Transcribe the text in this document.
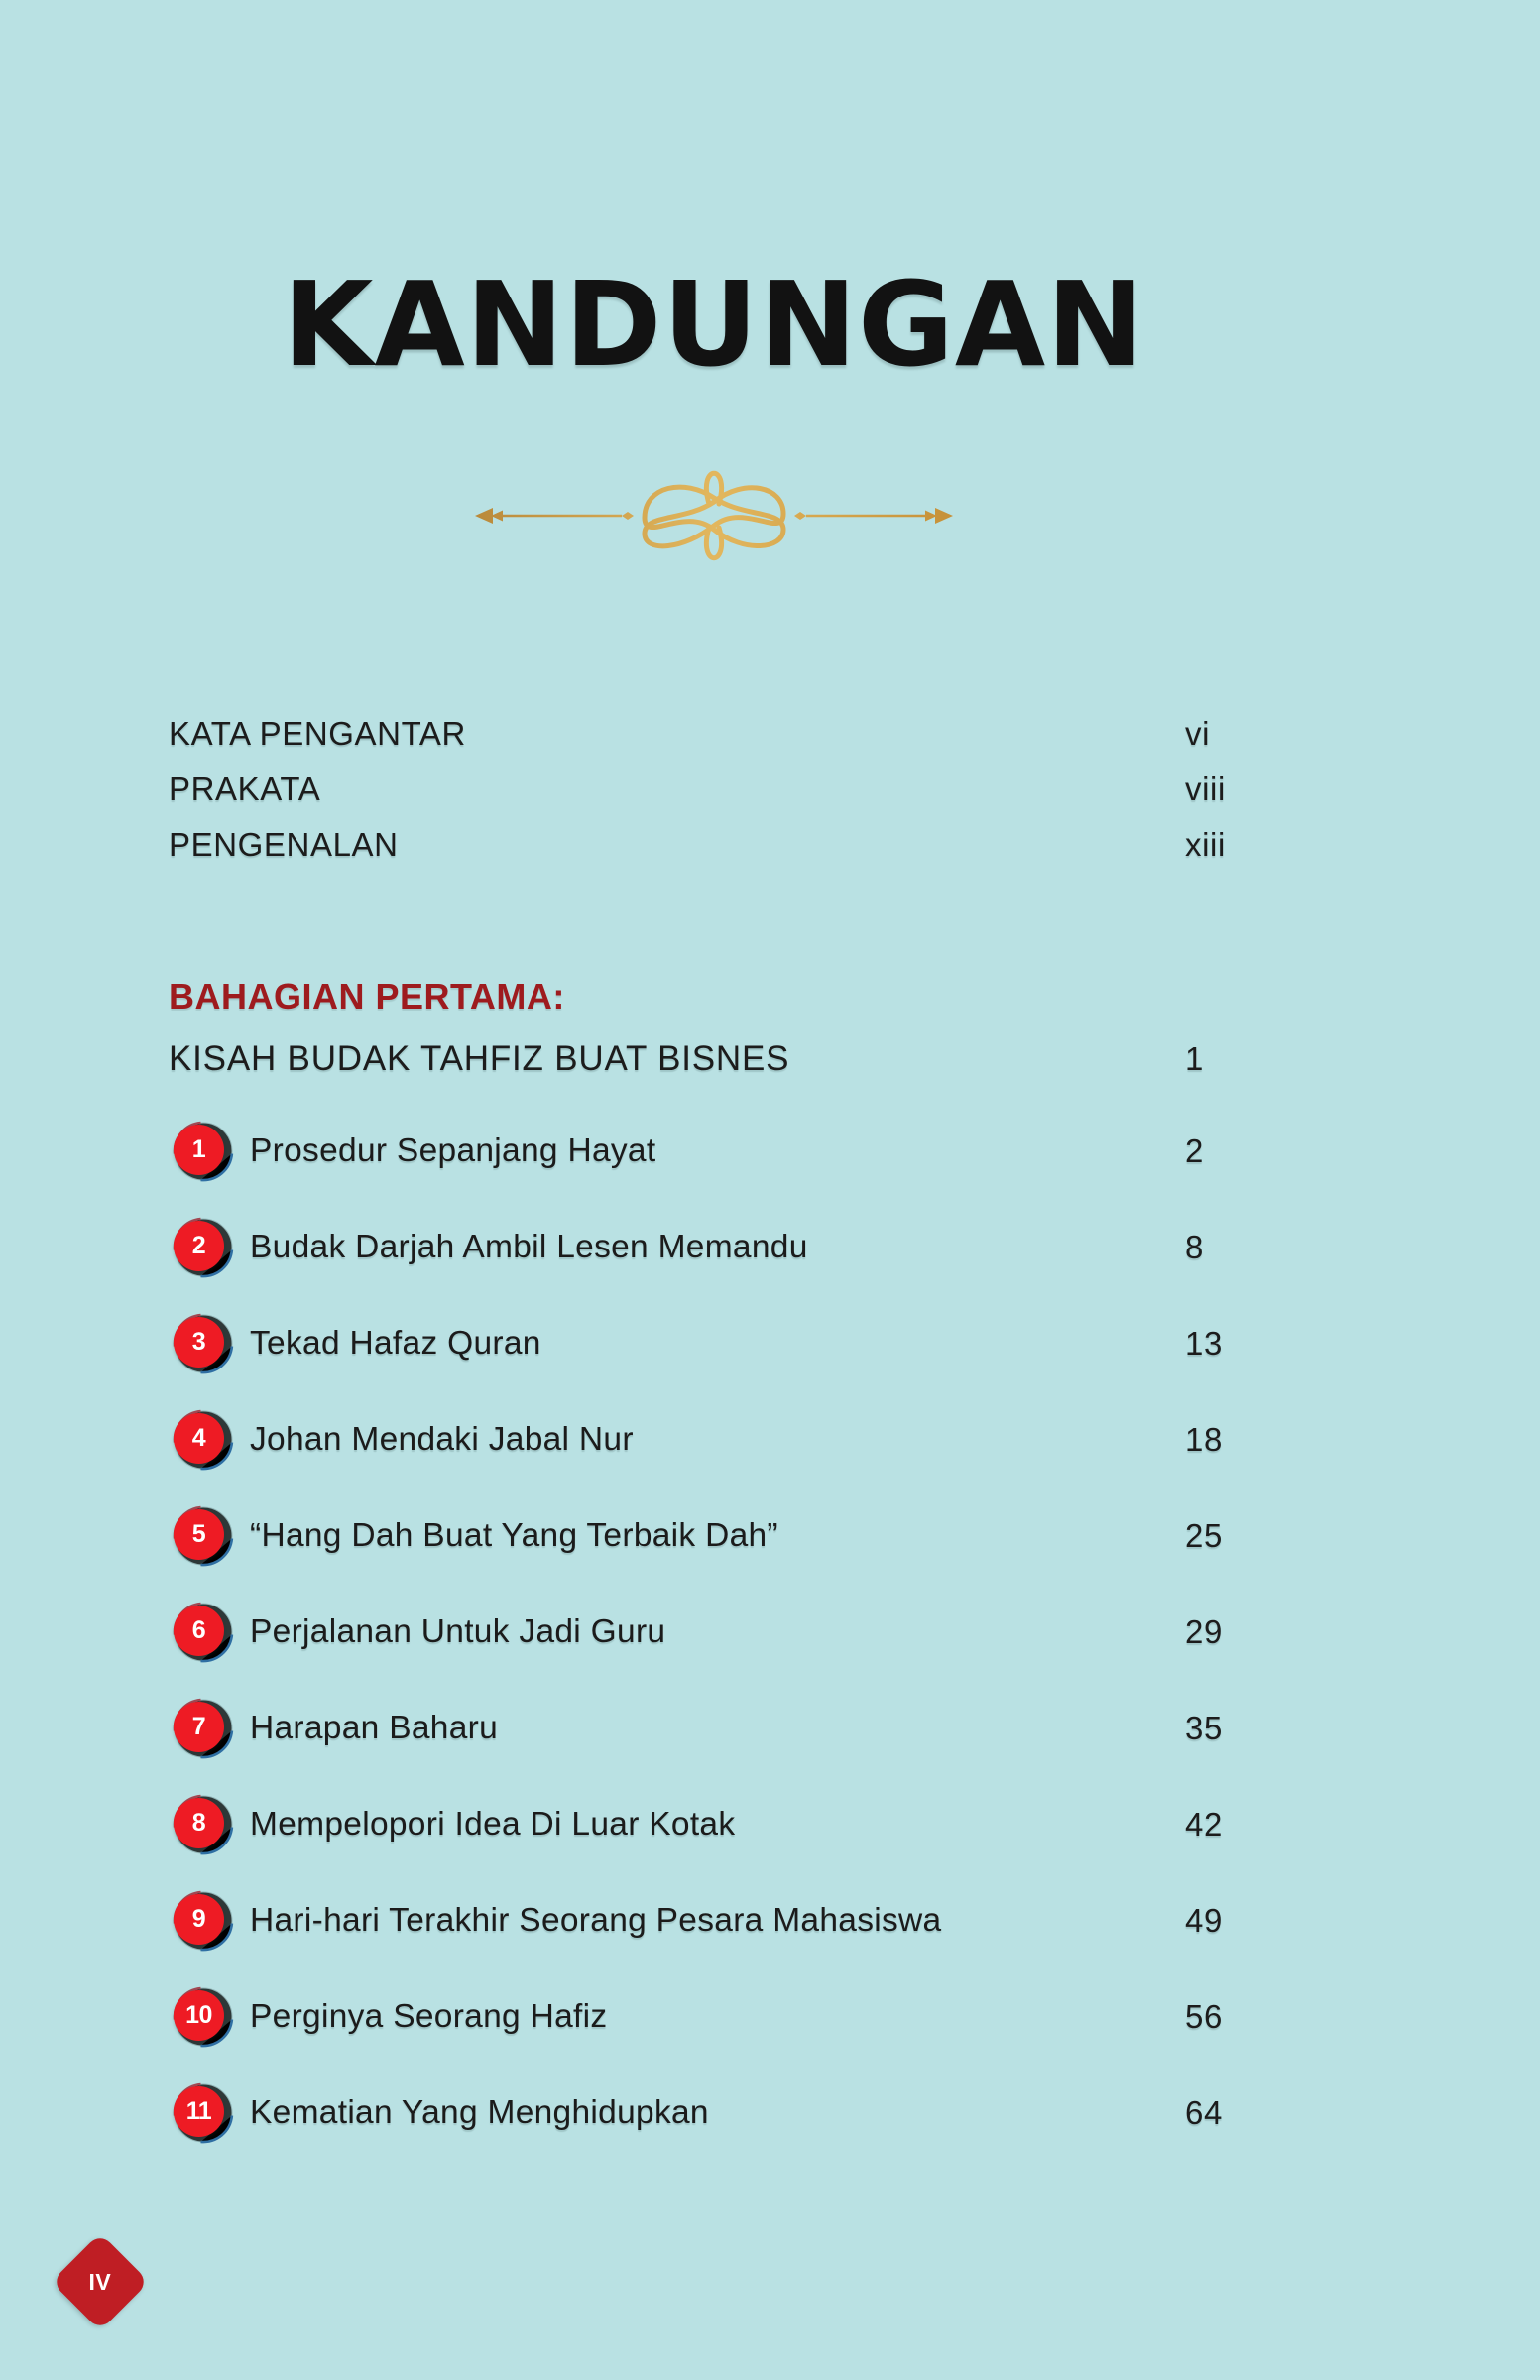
KANDUNGAN
KATA PENGANTAR	vi
PRAKATA	viii
PENGENALAN	xiii
BAHAGIAN PERTAMA:
KISAH BUDAK TAHFIZ BUAT BISNES	1
1 Prosedur Sepanjang Hayat	2
2 Budak Darjah Ambil Lesen Memandu	8
3 Tekad Hafaz Quran	13
4 Johan Mendaki Jabal Nur	18
5 “Hang Dah Buat Yang Terbaik Dah”	25
6 Perjalanan Untuk Jadi Guru	29
7 Harapan Baharu	35
8 Mempelopori Idea Di Luar Kotak	42
9 Hari-hari Terakhir Seorang Pesara Mahasiswa	49
10 Perginya Seorang Hafiz	56
11 Kematian Yang Menghidupkan	64
IV
